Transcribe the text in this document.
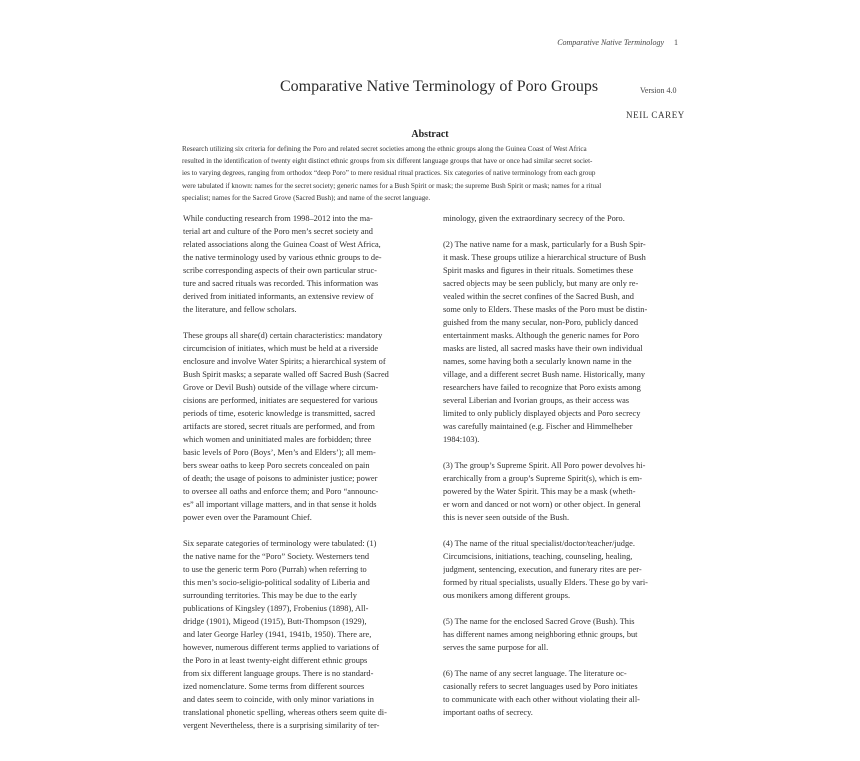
Comparative Native Terminology 1
Comparative Native Terminology of Poro Groups	Version 4.0
NEIL CAREY
Abstract
Research utilizing six criteria for defining the Poro and related secret societies among the ethnic groups along the Guinea Coast of West Africa
resulted in the identification of twenty eight distinct ethnic groups from six different language groups that have or once had similar secret societ-
ies to varying degrees, ranging from orthodox “deep Poro” to mere residual ritual practices. Six categories of native terminology from each group
were tabulated if known: names for the secret society; generic names for a Bush Spirit or mask; the supreme Bush Spirit or mask; names for a ritual
specialist; names for the Sacred Grove (Sacred Bush); and name of the secret language.
While conducting research from 1998–2012 into the ma-
terial art and culture of the Poro men’s secret society and
related associations along the Guinea Coast of West Africa,
the native terminology used by various ethnic groups to de-
scribe corresponding aspects of their own particular struc-
ture and sacred rituals was recorded. This information was
derived from initiated informants, an extensive review of
the literature, and fellow scholars.
These groups all share(d) certain characteristics: mandatory
circumcision of initiates, which must be held at a riverside
enclosure and involve Water Spirits; a hierarchical system of
Bush Spirit masks; a separate walled off Sacred Bush (Sacred
Grove or Devil Bush) outside of the village where circum-
cisions are performed, initiates are sequestered for various
periods of time, esoteric knowledge is transmitted, sacred
artifacts are stored, secret rituals are performed, and from
which women and uninitiated males are forbidden; three
basic levels of Poro (Boys’, Men’s and Elders’); all mem-
bers swear oaths to keep Poro secrets concealed on pain
of death; the usage of poisons to administer justice; power
to oversee all oaths and enforce them; and Poro “announc-
es” all important village matters, and in that sense it holds
power even over the Paramount Chief.
Six separate categories of terminology were tabulated: (1)
the native name for the “Poro” Society. Westerners tend
to use the generic term Poro (Purrah) when referring to
this men’s socio-seligio-political sodality of Liberia and
surrounding territories. This may be due to the early
publications of Kingsley (1897), Frobenius (1898), All-
dridge (1901), Migeod (1915), Butt-Thompson (1929),
and later George Harley (1941, 1941b, 1950). There are,
however, numerous different terms applied to variations of
the Poro in at least twenty-eight different ethnic groups
from six different language groups. There is no standard-
ized nomenclature. Some terms from different sources
and dates seem to coincide, with only minor variations in
translational phonetic spelling, whereas others seem quite di-
vergent Nevertheless, there is a surprising similarity of ter-
minology, given the extraordinary secrecy of the Poro.
(2) The native name for a mask, particularly for a Bush Spir-
it mask. These groups utilize a hierarchical structure of Bush
Spirit masks and figures in their rituals. Sometimes these
sacred objects may be seen publicly, but many are only re-
vealed within the secret confines of the Sacred Bush, and
some only to Elders. These masks of the Poro must be distin-
guished from the many secular, non-Poro, publicly danced
entertainment masks. Although the generic names for Poro
masks are listed, all sacred masks have their own individual
names, some having both a secularly known name in the
village, and a different secret Bush name. Historically, many
researchers have failed to recognize that Poro exists among
several Liberian and Ivorian groups, as their access was
limited to only publicly displayed objects and Poro secrecy
was carefully maintained (e.g. Fischer and Himmelheber
1984:103).
(3) The group’s Supreme Spirit. All Poro power devolves hi-
erarchically from a group’s Supreme Spirit(s), which is em-
powered by the Water Spirit. This may be a mask (wheth-
er worn and danced or not worn) or other object. In general
this is never seen outside of the Bush.
(4) The name of the ritual specialist/doctor/teacher/judge.
Circumcisions, initiations, teaching, counseling, healing,
judgment, sentencing, execution, and funerary rites are per-
formed by ritual specialists, usually Elders. These go by vari-
ous monikers among different groups.
(5) The name for the enclosed Sacred Grove (Bush). This
has different names among neighboring ethnic groups, but
serves the same purpose for all.
(6) The name of any secret language. The literature oc-
casionally refers to secret languages used by Poro initiates
to communicate with each other without violating their all-
important oaths of secrecy.
